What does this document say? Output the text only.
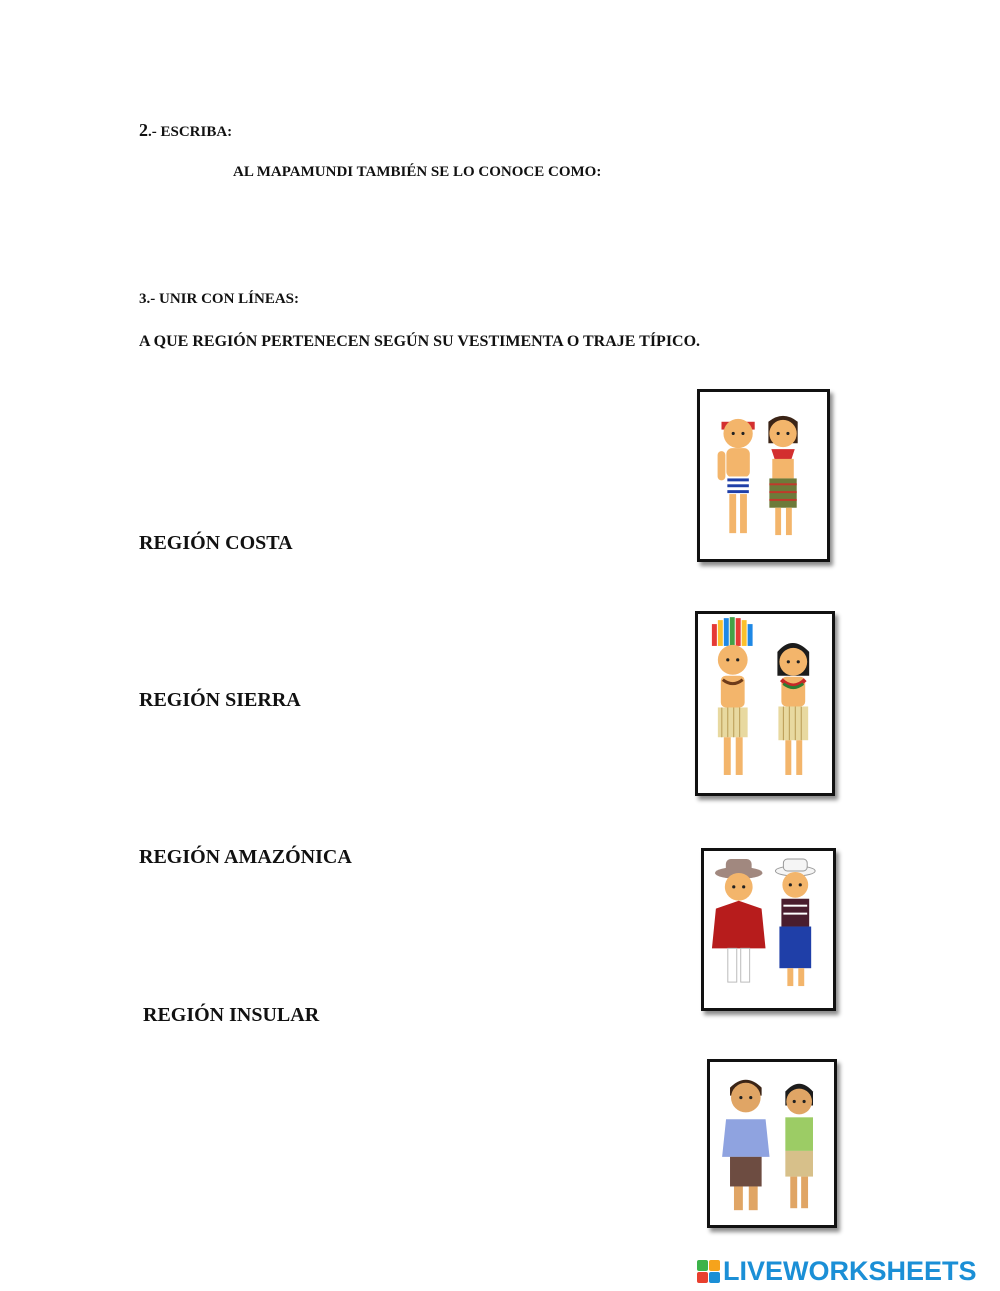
2.- ESCRIBA:
AL MAPAMUNDI TAMBIÉN SE LO CONOCE COMO:
3.- UNIR CON LÍNEAS:
A QUE REGIÓN PERTENECEN SEGÚN SU VESTIMENTA O TRAJE TÍPICO.
REGIÓN COSTA
REGIÓN SIERRA
REGIÓN AMAZÓNICA
REGIÓN INSULAR
LIVEWORKSHEETS
